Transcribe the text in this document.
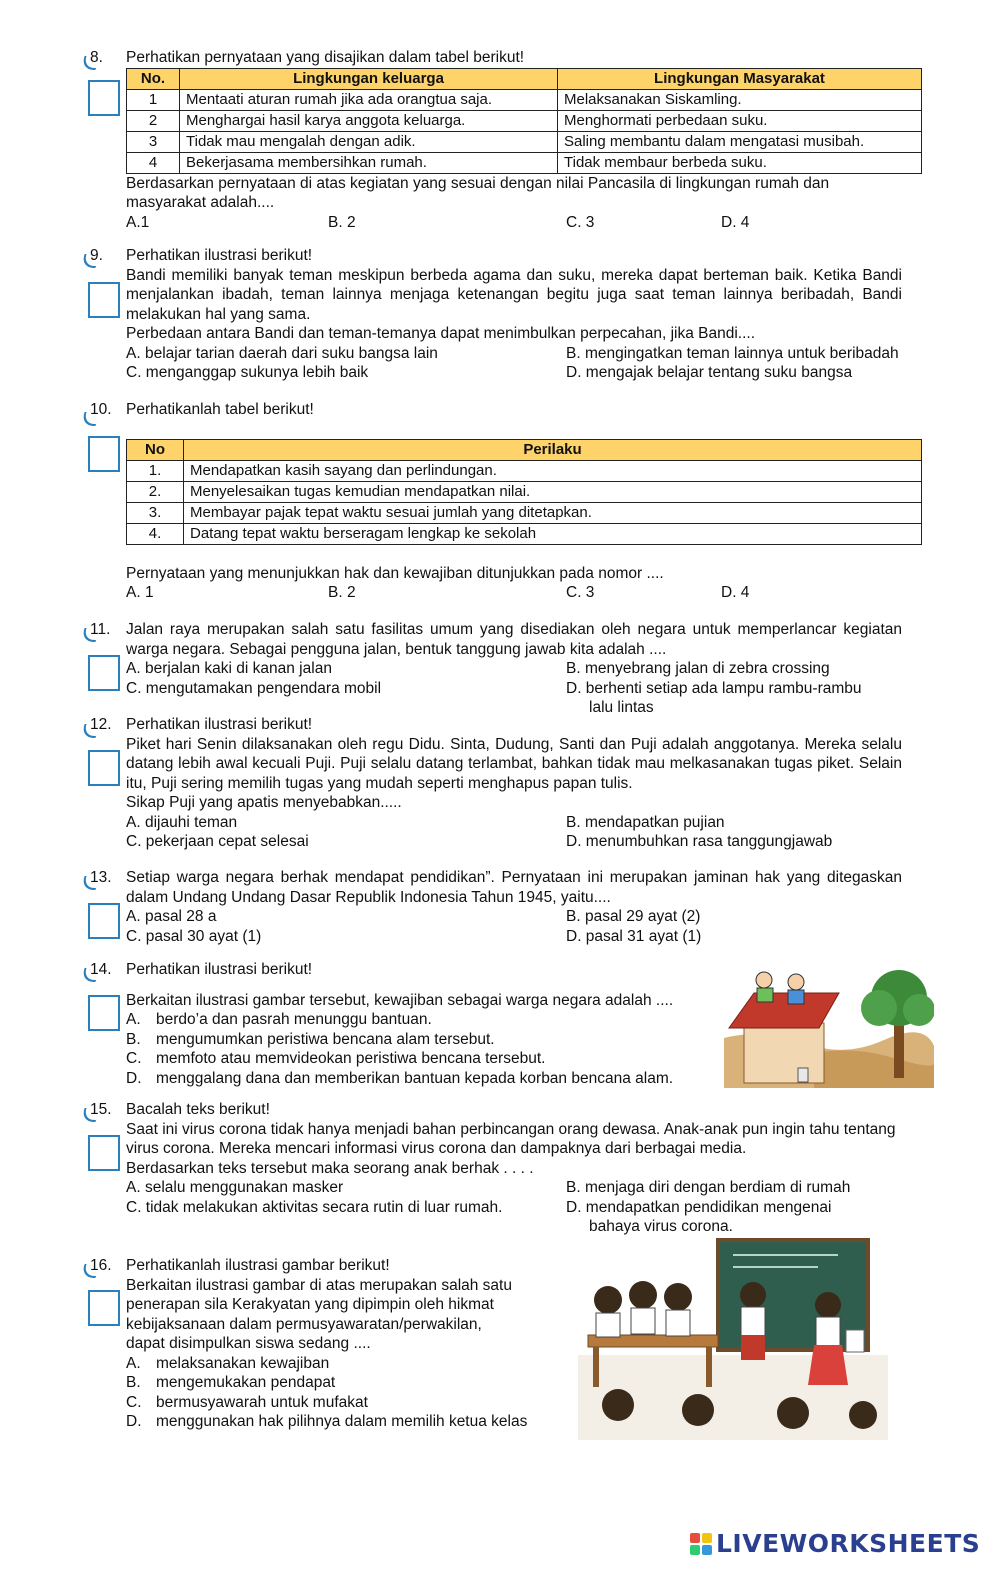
8. Perhatikan pernyataan yang disajikan dalam tabel berikut!
No.	Lingkungan keluarga	Lingkungan Masyarakat
1	Mentaati aturan rumah jika ada orangtua saja.	Melaksanakan Siskamling.
2	Menghargai hasil karya anggota keluarga.	Menghormati perbedaan suku.
3	Tidak mau mengalah dengan adik.	Saling membantu dalam mengatasi musibah.
4	Bekerjasama membersihkan rumah.	Tidak membaur berbeda suku.
Berdasarkan pernyataan di atas kegiatan yang sesuai dengan nilai Pancasila di lingkungan rumah dan masyarakat adalah....
A.1	B. 2	C. 3	D. 4
9. Perhatikan ilustrasi berikut!
Bandi memiliki banyak teman meskipun berbeda agama dan suku, mereka dapat berteman baik. Ketika Bandi menjalankan ibadah, teman lainnya menjaga ketenangan begitu juga saat teman lainnya beribadah, Bandi melakukan hal yang sama.
Perbedaan antara Bandi dan teman-temanya dapat menimbulkan perpecahan, jika Bandi....
A. belajar tarian daerah dari suku bangsa lain	B. mengingatkan teman lainnya untuk beribadah
C. menganggap sukunya lebih baik	D. mengajak belajar tentang suku bangsa
10. Perhatikanlah tabel berikut!
No	Perilaku
1.	Mendapatkan kasih sayang dan perlindungan.
2.	Menyelesaikan tugas kemudian mendapatkan nilai.
3.	Membayar pajak tepat waktu sesuai jumlah yang ditetapkan.
4.	Datang tepat waktu berseragam lengkap ke sekolah
Pernyataan yang menunjukkan hak dan kewajiban ditunjukkan pada nomor ....
A. 1	B. 2	C. 3	D. 4
11. Jalan raya merupakan salah satu fasilitas umum yang disediakan oleh negara untuk memperlancar kegiatan warga negara. Sebagai pengguna jalan, bentuk tanggung jawab kita adalah ....
A. berjalan kaki di kanan jalan	B. menyebrang jalan di zebra crossing
C. mengutamakan pengendara mobil	D. berhenti setiap ada lampu rambu-rambu
lalu lintas
12. Perhatikan ilustrasi berikut!
Piket hari Senin dilaksanakan oleh regu Didu. Sinta, Dudung, Santi dan Puji adalah anggotanya. Mereka selalu datang lebih awal kecuali Puji. Puji selalu datang terlambat, bahkan tidak mau melkasanakan tugas piket. Selain itu, Puji sering memilih tugas yang mudah seperti menghapus papan tulis.
Sikap Puji yang apatis menyebabkan.....
A. dijauhi teman	B. mendapatkan pujian
C. pekerjaan cepat selesai	D. menumbuhkan rasa tanggungjawab
13. Setiap warga negara berhak mendapat pendidikan”. Pernyataan ini merupakan jaminan hak yang ditegaskan dalam Undang Undang Dasar Republik Indonesia Tahun 1945, yaitu....
A. pasal 28 a	B. pasal 29 ayat (2)
C. pasal 30 ayat (1)	D. pasal 31 ayat (1)
14. Perhatikan ilustrasi berikut!
Berkaitan ilustrasi gambar tersebut, kewajiban sebagai warga negara adalah ....
A. berdo’a dan pasrah menunggu bantuan.
B. mengumumkan peristiwa bencana alam tersebut.
C. memfoto atau memvideokan peristiwa bencana tersebut.
D. menggalang dana dan memberikan bantuan kepada korban bencana alam.
15. Bacalah teks berikut!
Saat ini virus corona tidak hanya menjadi bahan perbincangan orang dewasa. Anak-anak pun ingin tahu tentang virus corona. Mereka mencari informasi virus corona dan dampaknya dari berbagai media.
Berdasarkan teks tersebut maka seorang anak berhak . . . .
A. selalu menggunakan masker	B. menjaga diri dengan berdiam di rumah
C. tidak melakukan aktivitas secara rutin di luar rumah.	D. mendapatkan pendidikan mengenai
bahaya virus corona.
16. Perhatikanlah ilustrasi gambar berikut!
Berkaitan ilustrasi gambar di atas merupakan salah satu
penerapan sila Kerakyatan yang dipimpin oleh hikmat
kebijaksanaan dalam permusyawaratan/perwakilan,
dapat disimpulkan siswa sedang ....
A. melaksanakan kewajiban
B. mengemukakan pendapat
C. bermusyawarah untuk mufakat
D. menggunakan hak pilihnya dalam memilih ketua kelas
LIVEWORKSHEETS
